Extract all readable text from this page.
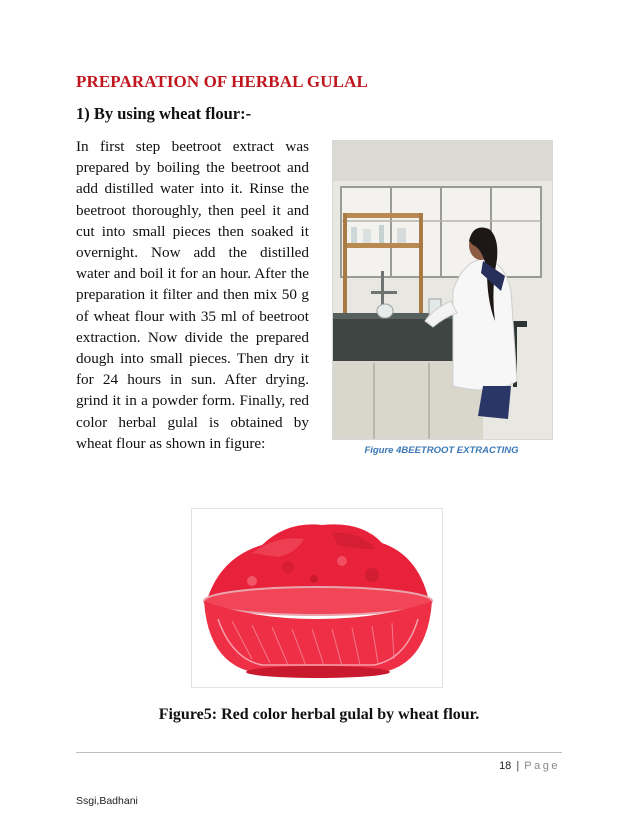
PREPARATION OF HERBAL GULAL
1) By using wheat flour:-
In first step beetroot extract was prepared by boiling the beetroot and add distilled water into it. Rinse the beetroot thoroughly, then peel it and cut into small pieces then soaked it overnight. Now add the distilled water and boil it for an hour. After the preparation it filter and then mix 50 g of wheat flour with 35 ml of beetroot extraction. Now divide the prepared dough into small pieces. Then dry it for 24 hours in sun. After drying. grind it in a powder form. Finally, red color herbal gulal is obtained by wheat flour as shown in figure:	Figure 4BEETROOT EXTRACTING
Figure5: Red color herbal gulal by wheat flour.
18 | Page
Ssgi,Badhani
